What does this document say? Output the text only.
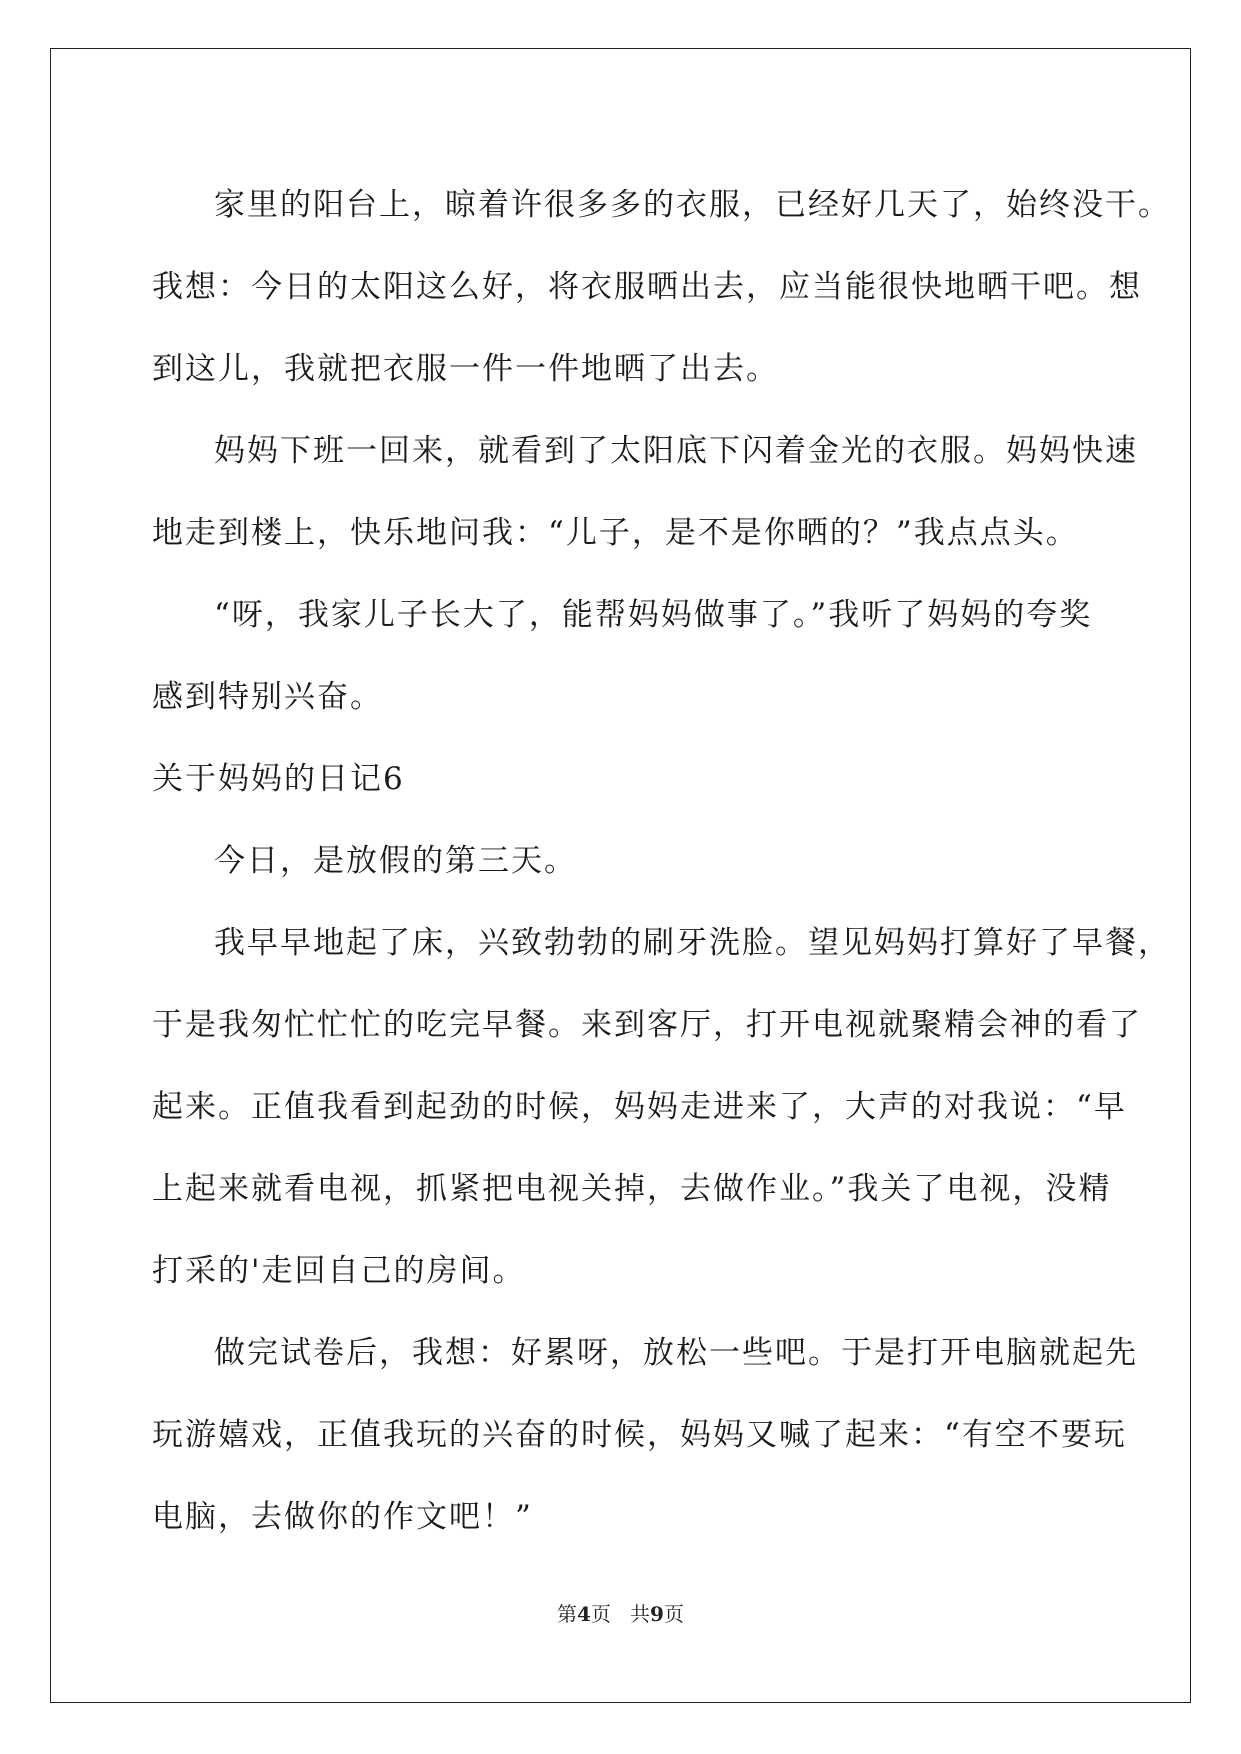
家里的阳台上，晾着许很多多的衣服，已经好几天了，始终没干。
我想：今日的太阳这么好，将衣服晒出去，应当能很快地晒干吧。想
到这儿，我就把衣服一件一件地晒了出去。

妈妈下班一回来，就看到了太阳底下闪着金光的衣服。妈妈快速
地走到楼上，快乐地问我：“儿子，是不是你晒的？”我点点头。

“呀，我家儿子长大了，能帮妈妈做事了。”我听了妈妈的夸奖
感到特别兴奋。

关于妈妈的日记6

今日，是放假的第三天。

我早早地起了床，兴致勃勃的刷牙洗脸。望见妈妈打算好了早餐，
于是我匆忙忙忙的吃完早餐。来到客厅，打开电视就聚精会神的看了
起来。正值我看到起劲的时候，妈妈走进来了，大声的对我说：“早
上起来就看电视，抓紧把电视关掉，去做作业。”我关了电视，没精
打采的'走回自己的房间。

做完试卷后，我想：好累呀，放松一些吧。于是打开电脑就起先
玩游嬉戏，正值我玩的兴奋的时候，妈妈又喊了起来：“有空不要玩
电脑，去做你的作文吧！”

第4页 共9页
